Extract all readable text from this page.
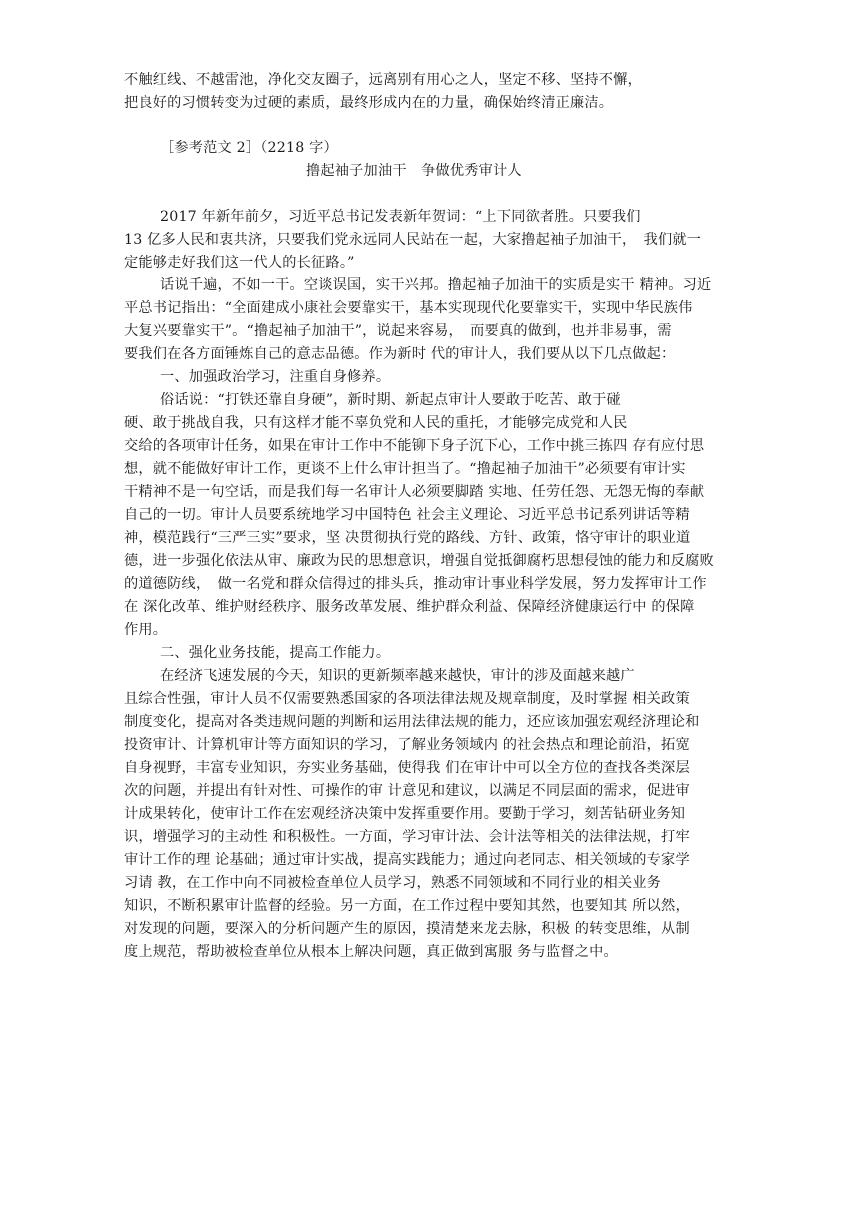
不触红线、不越雷池，净化交友圈子，远离别有用心之人，坚定不移、坚持不懈，
把良好的习惯转变为过硬的素质，最终形成内在的力量，确保始终清正廉洁。
［参考范文 2］（2218 字）
撸起袖子加油干　争做优秀审计人
2017 年新年前夕，习近平总书记发表新年贺词：“上下同欲者胜。只要我们
13 亿多人民和衷共济，只要我们党永远同人民站在一起，大家撸起袖子加油干，　我们就一
定能够走好我们这一代人的长征路。”
话说千遍，不如一干。空谈误国，实干兴邦。撸起袖子加油干的实质是实干 精神。习近
平总书记指出：“全面建成小康社会要靠实干，基本实现现代化要靠实干，实现中华民族伟
大复兴要靠实干”。“撸起袖子加油干”，说起来容易，　而要真的做到，也并非易事，需
要我们在各方面锤炼自己的意志品德。作为新时 代的审计人，我们要从以下几点做起：
一、加强政治学习，注重自身修养。
俗话说：“打铁还靠自身硬”，新时期、新起点审计人要敢于吃苦、敢于碰
硬、敢于挑战自我，只有这样才能不辜负党和人民的重托，才能够完成党和人民
交给的各项审计任务，如果在审计工作中不能铆下身子沉下心，工作中挑三拣四 存有应付思
想，就不能做好审计工作，更谈不上什么审计担当了。“撸起袖子加油干”必须要有审计实
干精神不是一句空话，而是我们每一名审计人必须要脚踏 实地、任劳任怨、无怨无悔的奉献
自己的一切。审计人员要系统地学习中国特色 社会主义理论、习近平总书记系列讲话等精
神，模范践行“三严三实”要求，坚 决贯彻执行党的路线、方针、政策，恪守审计的职业道
德，进一步强化依法从审、廉政为民的思想意识，增强自觉抵御腐朽思想侵蚀的能力和反腐败
的道德防线，　做一名党和群众信得过的排头兵，推动审计事业科学发展，努力发挥审计工作
在 深化改革、维护财经秩序、服务改革发展、维护群众利益、保障经济健康运行中 的保障
作用。
二、强化业务技能，提高工作能力。
在经济飞速发展的今天，知识的更新频率越来越快，审计的涉及面越来越广
且综合性强，审计人员不仅需要熟悉国家的各项法律法规及规章制度，及时掌握 相关政策
制度变化，提高对各类违规问题的判断和运用法律法规的能力，还应该加强宏观经济理论和
投资审计、计算机审计等方面知识的学习，了解业务领域内 的社会热点和理论前沿，拓宽
自身视野，丰富专业知识，夯实业务基础，使得我 们在审计中可以全方位的查找各类深层
次的问题，并提出有针对性、可操作的审 计意见和建议，以满足不同层面的需求，促进审
计成果转化，使审计工作在宏观经济决策中发挥重要作用。要勤于学习，刻苦钻研业务知
识，增强学习的主动性 和积极性。一方面，学习审计法、会计法等相关的法律法规，打牢
审计工作的理 论基础；通过审计实战，提高实践能力；通过向老同志、相关领域的专家学
习请 教，在工作中向不同被检查单位人员学习，熟悉不同领域和不同行业的相关业务
知识，不断积累审计监督的经验。另一方面，在工作过程中要知其然，也要知其 所以然，
对发现的问题，要深入的分析问题产生的原因，摸清楚来龙去脉，积极 的转变思维，从制
度上规范，帮助被检查单位从根本上解决问题，真正做到寓服 务与监督之中。
